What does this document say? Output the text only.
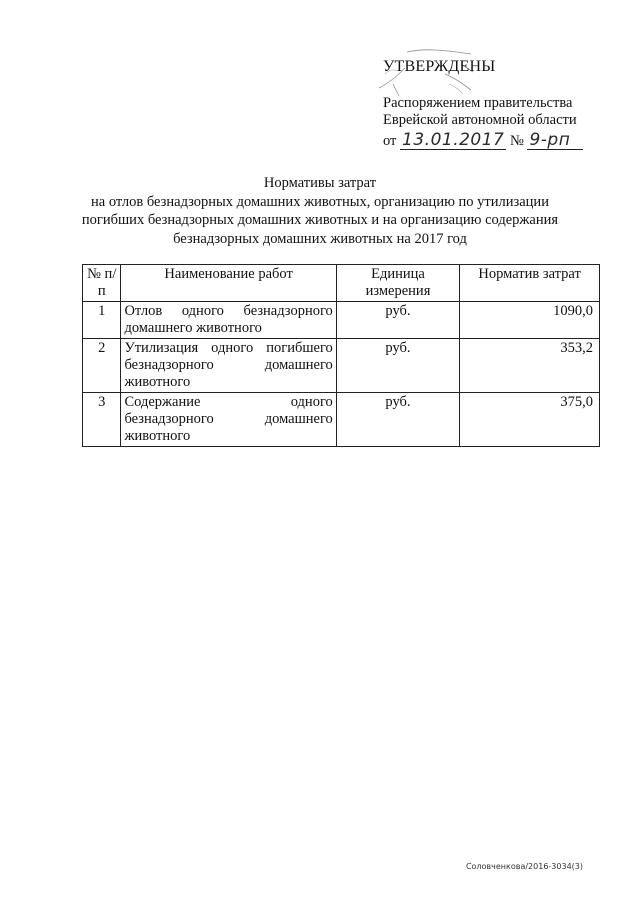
УТВЕРЖДЕНЫ
Распоряжением правительства
Еврейской автономной области
от 13.01.2017 № 9-рп
Нормативы затрат
на отлов безнадзорных домашних животных, организацию по утилизации
погибших безнадзорных домашних животных и на организацию содержания
безнадзорных домашних животных на 2017 год
№ п/п	Наименование работ	Единица измерения	Норматив затрат
1	Отлов одного безнадзорного домашнего животного	руб.	1090,0
2	Утилизация одного погибшего безнадзорного домашнего животного	руб.	353,2
3	Содержание одного безнадзорного домашнего животного	руб.	375,0
Соловченкова/2016-3034(3)
